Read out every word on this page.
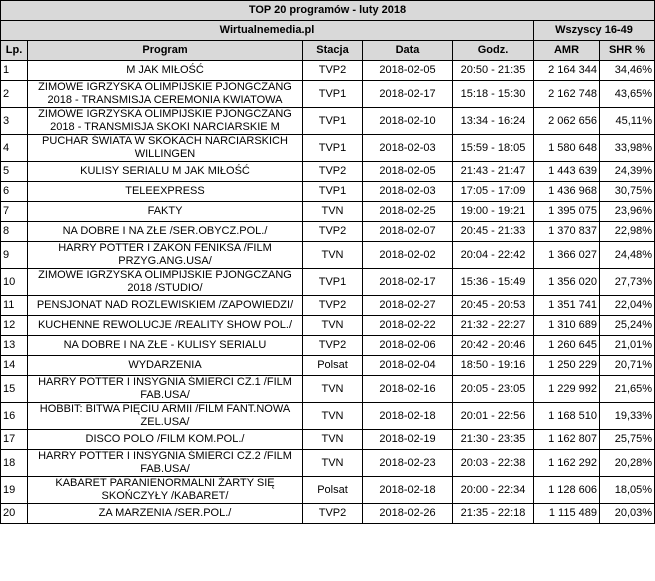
TOP 20 programów - luty 2018						
Wirtualnemedia.pl					Wszyscy 16-49	
Lp.	Program	Stacja	Data	Godz.	AMR	SHR %
1	M JAK MIŁOŚĆ	TVP2	2018-02-05	20:50 - 21:35	2 164 344	34,46%
2	ZIMOWE IGRZYSKA OLIMPIJSKIE PJONGCZANG 2018 - TRANSMISJA CEREMONIA KWIATOWA	TVP1	2018-02-17	15:18 - 15:30	2 162 748	43,65%
3	ZIMOWE IGRZYSKA OLIMPIJSKIE PJONGCZANG 2018 - TRANSMISJA SKOKI NARCIARSKIE M	TVP1	2018-02-10	13:34 - 16:24	2 062 656	45,11%
4	PUCHAR ŚWIATA W SKOKACH NARCIARSKICH WILLINGEN	TVP1	2018-02-03	15:59 - 18:05	1 580 648	33,98%
5	KULISY SERIALU M JAK MIŁOŚĆ	TVP2	2018-02-05	21:43 - 21:47	1 443 639	24,39%
6	TELEEXPRESS	TVP1	2018-02-03	17:05 - 17:09	1 436 968	30,75%
7	FAKTY	TVN	2018-02-25	19:00 - 19:21	1 395 075	23,96%
8	NA DOBRE I NA ZŁE /SER.OBYCZ.POL./	TVP2	2018-02-07	20:45 - 21:33	1 370 837	22,98%
9	HARRY POTTER I ZAKON FENIKSA /FILM PRZYG.ANG.USA/	TVN	2018-02-02	20:04 - 22:42	1 366 027	24,48%
10	ZIMOWE IGRZYSKA OLIMPIJSKIE PJONGCZANG 2018 /STUDIO/	TVP1	2018-02-17	15:36 - 15:49	1 356 020	27,73%
11	PENSJONAT NAD ROZLEWISKIEM /ZAPOWIEDZI/	TVP2	2018-02-27	20:45 - 20:53	1 351 741	22,04%
12	KUCHENNE REWOLUCJE /REALITY SHOW POL./	TVN	2018-02-22	21:32 - 22:27	1 310 689	25,24%
13	NA DOBRE I NA ZŁE - KULISY SERIALU	TVP2	2018-02-06	20:42 - 20:46	1 260 645	21,01%
14	WYDARZENIA	Polsat	2018-02-04	18:50 - 19:16	1 250 229	20,71%
15	HARRY POTTER I INSYGNIA ŚMIERCI CZ.1 /FILM FAB.USA/	TVN	2018-02-16	20:05 - 23:05	1 229 992	21,65%
16	HOBBIT: BITWA PIĘCIU ARMII /FILM FANT.NOWA ZEL.USA/	TVN	2018-02-18	20:01 - 22:56	1 168 510	19,33%
17	DISCO POLO /FILM KOM.POL./	TVN	2018-02-19	21:30 - 23:35	1 162 807	25,75%
18	HARRY POTTER I INSYGNIA ŚMIERCI CZ.2 /FILM FAB.USA/	TVN	2018-02-23	20:03 - 22:38	1 162 292	20,28%
19	KABARET PARANIENORMALNI ŻARTY SIĘ SKOŃCZYŁY /KABARET/	Polsat	2018-02-18	20:00 - 22:34	1 128 606	18,05%
20	ZA MARZENIA /SER.POL./	TVP2	2018-02-26	21:35 - 22:18	1 115 489	20,03%
